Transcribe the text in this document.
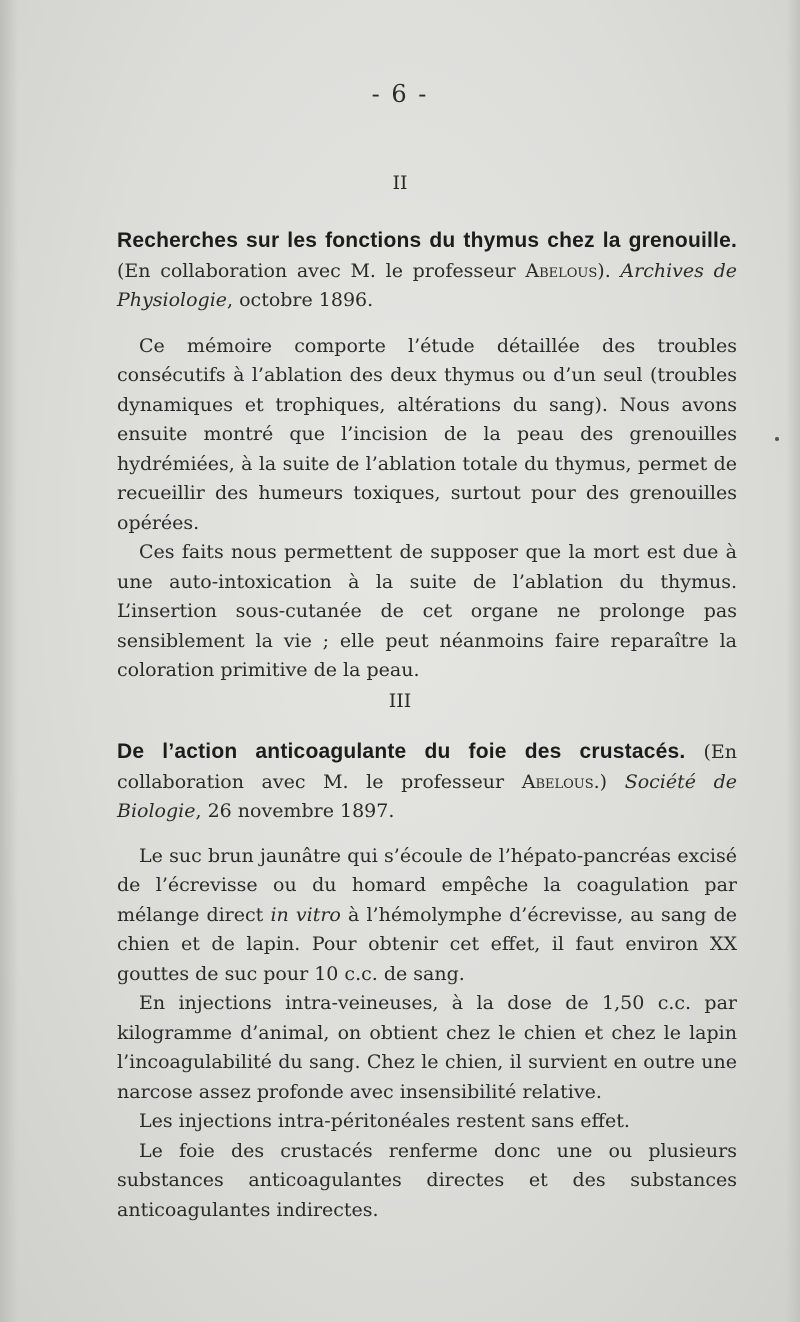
- 6 -
II
Recherches sur les fonctions du thymus chez la grenouille. (En collaboration avec M. le professeur Abelous). Archives de Physiologie, octobre 1896.

Ce mémoire comporte l’étude détaillée des troubles consécutifs à l’ablation des deux thymus ou d’un seul (troubles dynamiques et trophiques, altérations du sang). Nous avons ensuite montré que l’incision de la peau des grenouilles hydrémiées, à la suite de l’ablation totale du thymus, permet de recueillir des humeurs toxiques, surtout pour des grenouilles opérées.

Ces faits nous permettent de supposer que la mort est due à une auto-intoxication à la suite de l’ablation du thymus. L’insertion sous-cutanée de cet organe ne prolonge pas sensiblement la vie ; elle peut néanmoins faire reparaître la coloration primitive de la peau.

III
De l’action anticoagulante du foie des crustacés. (En collaboration avec M. le professeur Abelous.) Société de Biologie, 26 novembre 1897.

Le suc brun jaunâtre qui s’écoule de l’hépato-pancréas excisé de l’écrevisse ou du homard empêche la coagulation par mélange direct in vitro à l’hémolymphe d’écrevisse, au sang de chien et de lapin. Pour obtenir cet effet, il faut environ XX gouttes de suc pour 10 c.c. de sang.

En injections intra-veineuses, à la dose de 1,50 c.c. par kilogramme d’animal, on obtient chez le chien et chez le lapin l’incoagulabilité du sang. Chez le chien, il survient en outre une narcose assez profonde avec insensibilité relative.

Les injections intra-péritonéales restent sans effet.

Le foie des crustacés renferme donc une ou plusieurs substances anticoagulantes directes et des substances anticoagulantes indirectes.
